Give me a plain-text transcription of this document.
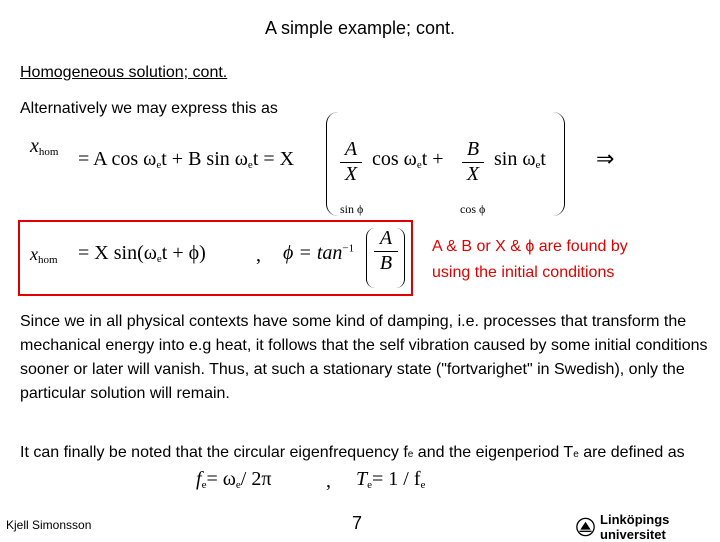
A simple example; cont.
Homogeneous solution; cont.
Alternatively we may express this as
xhom = A cos ωet + B sin ωet = X	A
X
cos ωet + B
X
sin ωet ⇒
sin ϕ	cos ϕ
xhom = X sin(ωet + ϕ)	, $\phi = \tan^{-1} A$
B
A & B or X & ϕ are found by
using the initial conditions
Since we in all physical contexts have some kind of damping, i.e. processes that transform the mechanical energy into e.g heat, it follows that the self vibration caused by some initial conditions sooner or later will vanish. Thus, at such a stationary state ("fortvarighet" in Swedish), only the particular solution will remain.
It can finally be noted that the circular eigenfrequency fe and the eigenperiod Te are defined as
fe= ωe/ 2π	, Te= 1 / fe
Kjell Simonsson	7	Linköpings universitet
